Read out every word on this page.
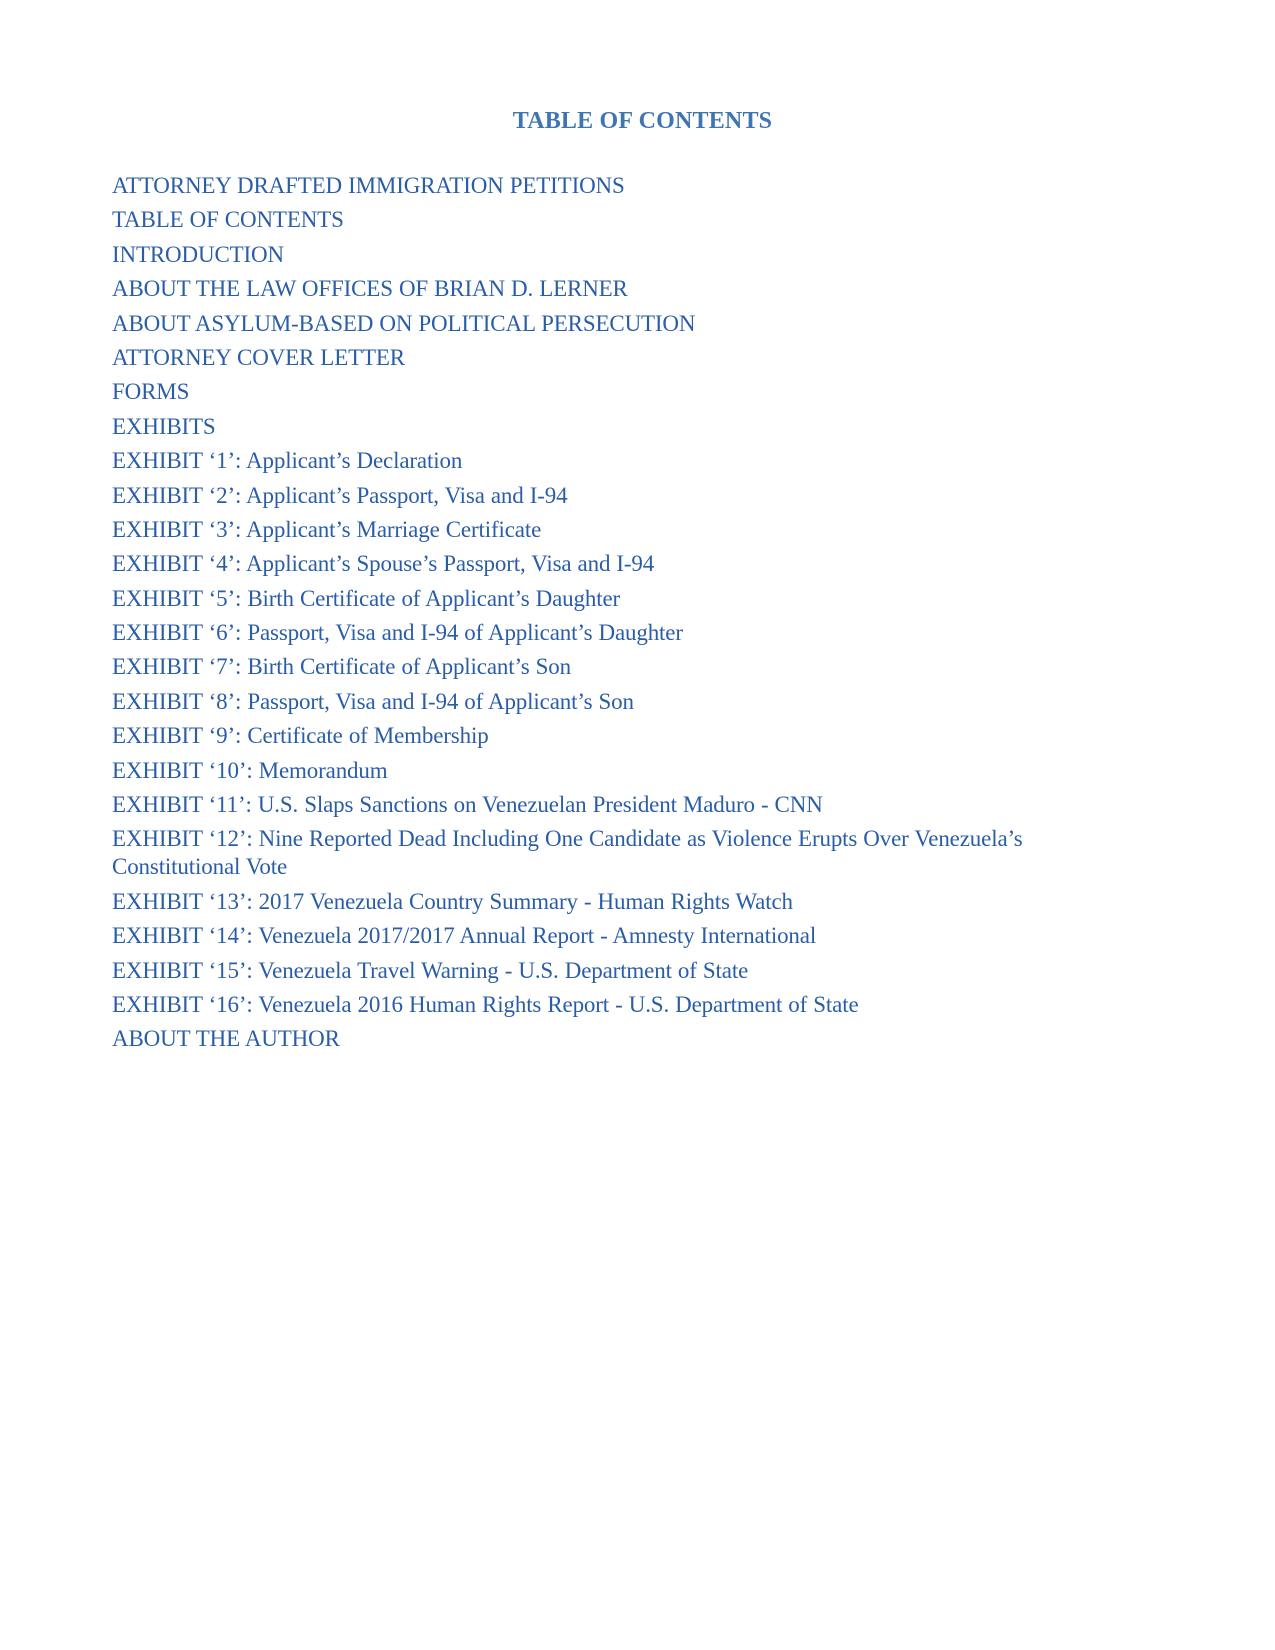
TABLE OF CONTENTS
ATTORNEY DRAFTED IMMIGRATION PETITIONS
TABLE OF CONTENTS
INTRODUCTION
ABOUT THE LAW OFFICES OF BRIAN D. LERNER
ABOUT ASYLUM-BASED ON POLITICAL PERSECUTION
ATTORNEY COVER LETTER
FORMS
EXHIBITS
EXHIBIT ‘1’: Applicant’s Declaration
EXHIBIT ‘2’: Applicant’s Passport, Visa and I-94
EXHIBIT ‘3’: Applicant’s Marriage Certificate
EXHIBIT ‘4’: Applicant’s Spouse’s Passport, Visa and I-94
EXHIBIT ‘5’: Birth Certificate of Applicant’s Daughter
EXHIBIT ‘6’: Passport, Visa and I-94 of Applicant’s Daughter
EXHIBIT ‘7’: Birth Certificate of Applicant’s Son
EXHIBIT ‘8’: Passport, Visa and I-94 of Applicant’s Son
EXHIBIT ‘9’: Certificate of Membership
EXHIBIT ‘10’: Memorandum
EXHIBIT ‘11’: U.S. Slaps Sanctions on Venezuelan President Maduro - CNN
EXHIBIT ‘12’: Nine Reported Dead Including One Candidate as Violence Erupts Over Venezuela’s Constitutional Vote
EXHIBIT ‘13’: 2017 Venezuela Country Summary - Human Rights Watch
EXHIBIT ‘14’: Venezuela 2017/2017 Annual Report - Amnesty International
EXHIBIT ‘15’: Venezuela Travel Warning - U.S. Department of State
EXHIBIT ‘16’: Venezuela 2016 Human Rights Report - U.S. Department of State
ABOUT THE AUTHOR
